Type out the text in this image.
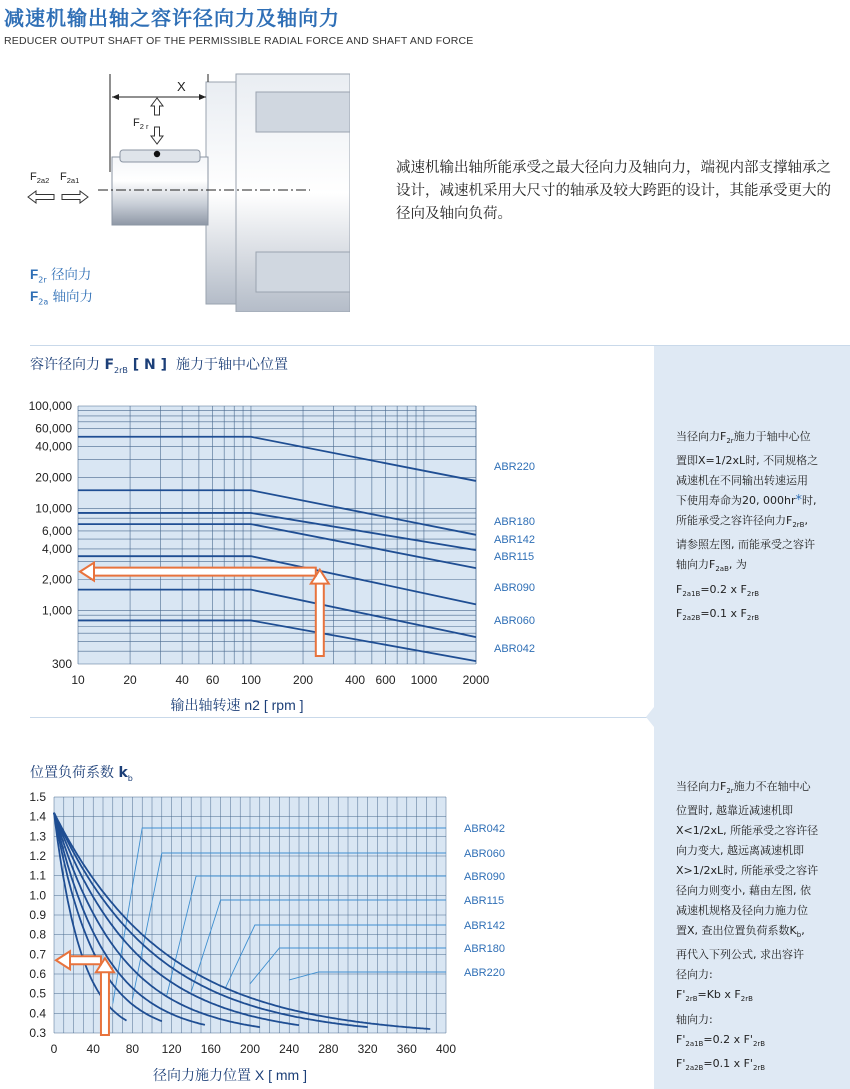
减速机输出轴之容许径向力及轴向力
REDUCER OUTPUT SHAFT OF THE PERMISSIBLE RADIAL FORCE AND SHAFT AND FORCE
X
$F_{2 r}$
$F_{2a2}$ $F_{2a1}$
减速机输出轴所能承受之最大径向力及轴向力，端视内部支撑轴承之设计，减速机采用大尺寸的轴承及较大跨距的设计，其能承受更大的径向及轴向负荷。
$F_{2r}$ 径向力
$F_{2a}$ 轴向力
容许径向力 $F_{2rB}$ [ N ] 施力于轴中心位置
10	20	40 60 100	200	400 600 1000 2000
100,000
60,000
40,000
20,000
10,000
6,000
4,000
2,000
1,000
300
输出轴转速 n2 [ rpm ]
ABR220
ABR180
ABR142
ABR115
ABR090
ABR060
ABR042
位置负荷系数 $k_b$
0 40 80 120 160 200 240 280 320 360 400
1.5
1.4
1.3
1.2
1.1
1.0
0.9
0.8
0.7
0.6
0.5
0.4
0.3
径向力施力位置 X [ mm ]
ABR042
ABR060
ABR090
ABR115
ABR142
ABR180
ABR220
当径向力$F_{2r}$施力于轴中心位
置即X=1/2xL时, 不同规格之
减速机在不同输出转速运用
下使用寿命为20, 000hr*时,
所能承受之容许径向力$F_{2rB}$,
请参照左图, 而能承受之容许
轴向力$F_{2aB}$, 为
$F_{2a1B}=0.2$ x $F_{2rB}$
$F_{2a2B}=0.1$ x $F_{2rB}$
当径向力$F_{2r}$施力不在轴中心
位置时, 越靠近减速机即
X<1/2xL, 所能承受之容许径
向力变大, 越远离减速机即
X>1/2xL时, 所能承受之容许
径向力则变小, 藉由左图, 依
减速机规格及径向力施力位
置X, 查出位置负荷系数$K_b$,
再代入下列公式, 求出容许
径向力:
$F'_{2rB}=Kb$ x $F_{2rB}$
轴向力:
$F'_{2a1B}=0.2$ x $F'_{2rB}$
$F'_{2a2B}=0.1$ x $F'_{2rB}$
